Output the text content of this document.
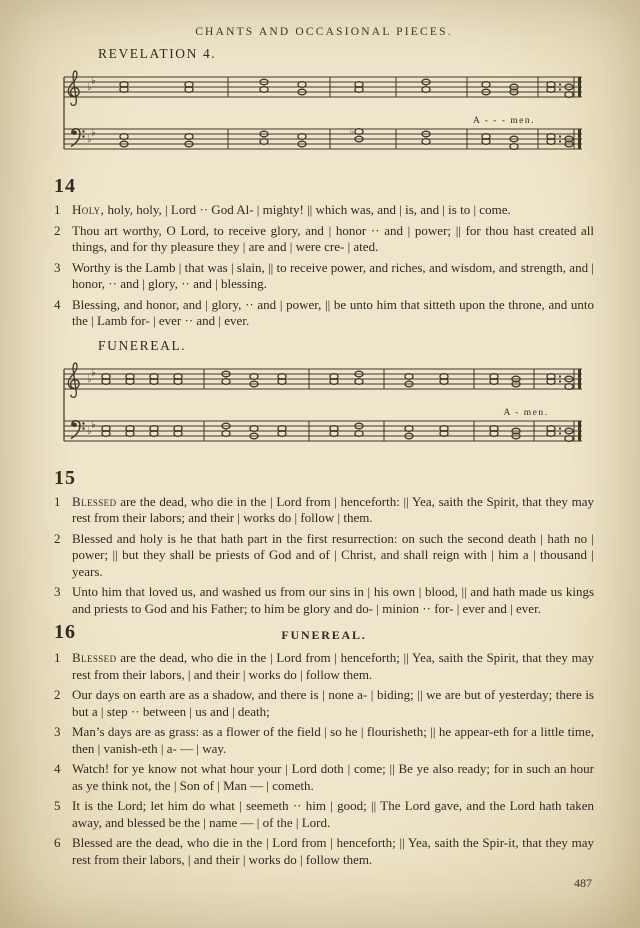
CHANTS AND OCCASIONAL PIECES.
REVELATION 4.
♭
♭
♭
♭	♭
A - - - men.
14
1 Holy, holy, holy, | Lord ·· God Al- | mighty! || which was, and | is, and | is to | come.
2 Thou art worthy, O Lord, to receive glory, and | honor ·· and | power; || for thou hast created all things, and for thy pleasure they | are and | were cre- | ated.
3 Worthy is the Lamb | that was | slain, || to receive power, and riches, and wisdom, and strength, and | honor, ·· and | glory, ·· and | blessing.
4 Blessing, and honor, and | glory, ·· and | power, || be unto him that sitteth upon the throne, and unto the | Lamb for- | ever ·· and | ever.
FUNEREAL.
♭
♭
♭
♭
A - men.
15
1 Blessed are the dead, who die in the | Lord from | henceforth: || Yea, saith the Spirit, that they may rest from their labors; and their | works do | follow | them.
2 Blessed and holy is he that hath part in the first resurrection: on such the second death | hath no | power; || but they shall be priests of God and of | Christ, and shall reign with | him a | thousand | years.
3 Unto him that loved us, and washed us from our sins in | his own | blood, || and hath made us kings and priests to God and his Father; to him be glory and do- | minion ·· for- | ever and | ever.
16	FUNEREAL.
1 Blessed are the dead, who die in the | Lord from | henceforth; || Yea, saith the Spirit, that they may rest from their labors, | and their | works do | follow them.
2 Our days on earth are as a shadow, and there is | none a- | biding; || we are but of yesterday; there is but a | step ·· between | us and | death;
3 Man’s days are as grass: as a flower of the field | so he | flourisheth; || he appear-eth for a little time, then | vanish-eth | a- — | way.
4 Watch! for ye know not what hour your | Lord doth | come; || Be ye also ready; for in such an hour as ye think not, the | Son of | Man — | cometh.
5 It is the Lord; let him do what | seemeth ·· him | good; || The Lord gave, and the Lord hath taken away, and blessed be the | name — | of the | Lord.
6 Blessed are the dead, who die in the | Lord from | henceforth; || Yea, saith the Spir-it, that they may rest from their labors, | and their | works do | follow them.
487
